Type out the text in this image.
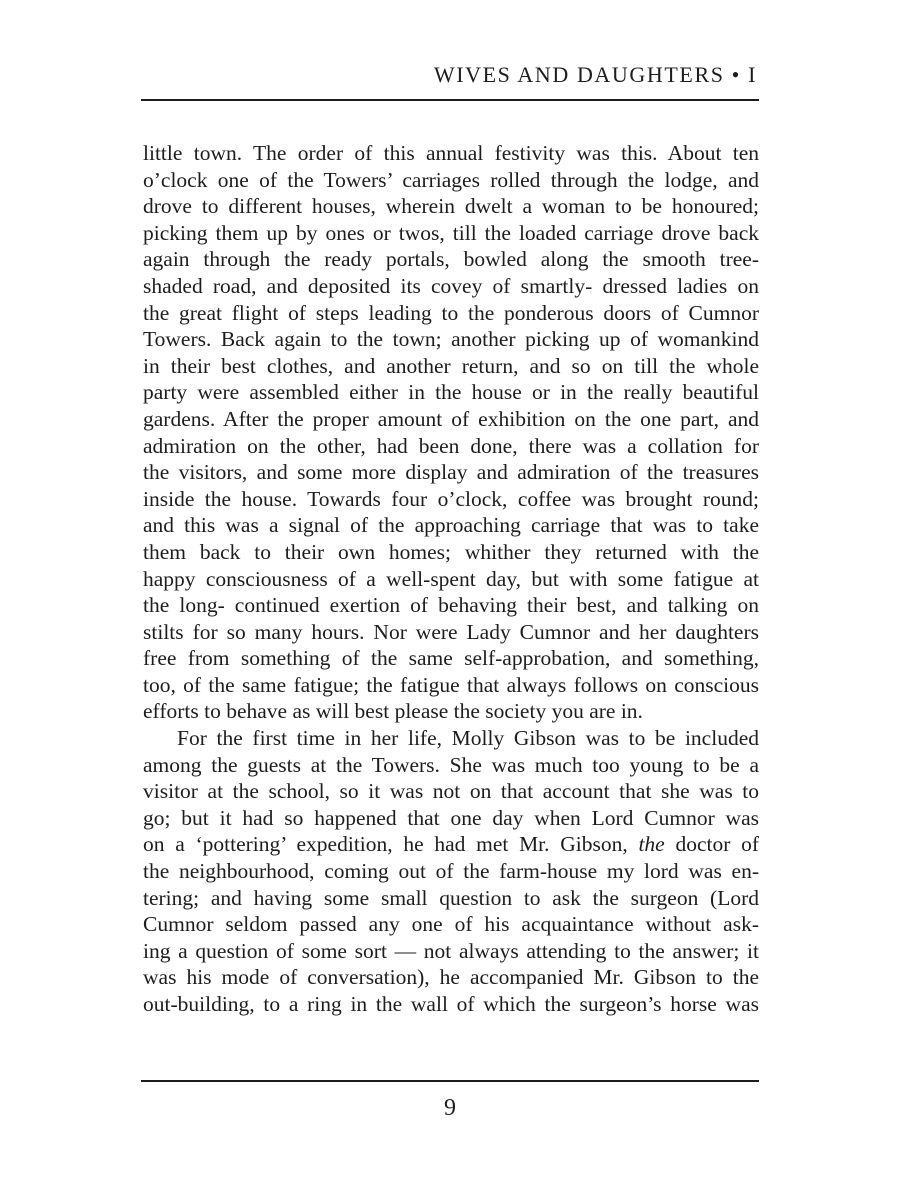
WIVES AND DAUGHTERS • I
little town. The order of this annual festivity was this. About ten
o’clock one of the Towers’ carriages rolled through the lodge, and
drove to different houses, wherein dwelt a woman to be honoured;
picking them up by ones or twos, till the loaded carriage drove back
again through the ready portals, bowled along the smooth tree-
shaded road, and deposited its covey of smartly- dressed ladies on
the great flight of steps leading to the ponderous doors of Cumnor
Towers. Back again to the town; another picking up of womankind
in their best clothes, and another return, and so on till the whole
party were assembled either in the house or in the really beautiful
gardens. After the proper amount of exhibition on the one part, and
admiration on the other, had been done, there was a collation for
the visitors, and some more display and admiration of the treasures
inside the house. Towards four o’clock, coffee was brought round;
and this was a signal of the approaching carriage that was to take
them back to their own homes; whither they returned with the
happy consciousness of a well-spent day, but with some fatigue at
the long- continued exertion of behaving their best, and talking on
stilts for so many hours. Nor were Lady Cumnor and her daughters
free from something of the same self-approbation, and something,
too, of the same fatigue; the fatigue that always follows on conscious
efforts to behave as will best please the society you are in.
For the first time in her life, Molly Gibson was to be included
among the guests at the Towers. She was much too young to be a
visitor at the school, so it was not on that account that she was to
go; but it had so happened that one day when Lord Cumnor was
on a ‘pottering’ expedition, he had met Mr. Gibson, the doctor of
the neighbourhood, coming out of the farm-house my lord was en-
tering; and having some small question to ask the surgeon (Lord
Cumnor seldom passed any one of his acquaintance without ask-
ing a question of some sort — not always attending to the answer; it
was his mode of conversation), he accompanied Mr. Gibson to the
out-building, to a ring in the wall of which the surgeon’s horse was
9
